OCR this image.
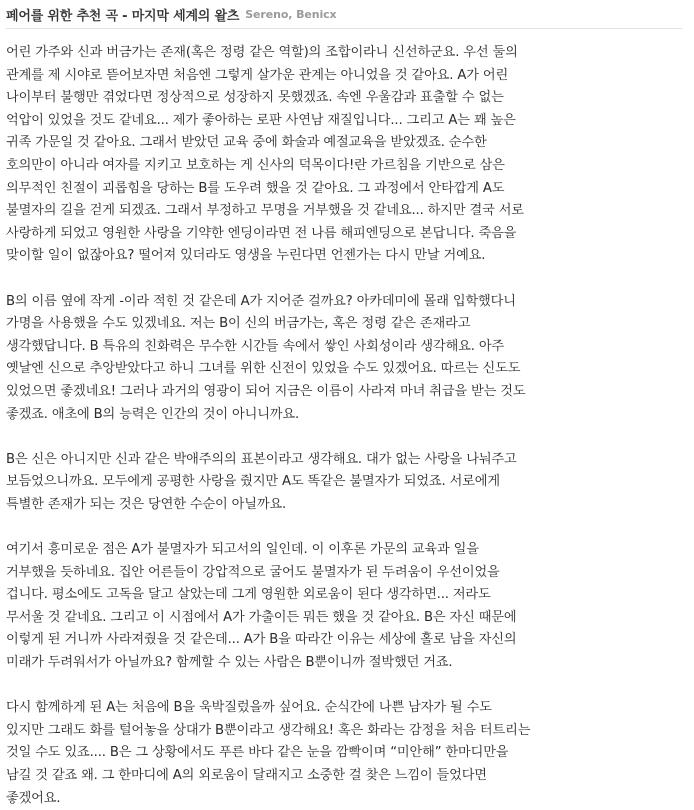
페어를 위한 추천 곡 - 마지막 세계의 왈츠 Sereno, Benicx
어린 가주와 신과 버금가는 존재(혹은 정령 같은 역할)의 조합이라니 신선하군요. 우선 둘의
관계를 제 시야로 뜯어보자면 처음엔 그렇게 살가운 관계는 아니었을 것 같아요. A가 어린
나이부터 불행만 겪었다면 정상적으로 성장하지 못했겠죠. 속엔 우울감과 표출할 수 없는
억압이 있었을 것도 같네요... 제가 좋아하는 로판 사연남 재질입니다... 그리고 A는 꽤 높은
귀족 가문일 것 같아요. 그래서 받았던 교육 중에 화술과 예절교육을 받았겠죠. 순수한
호의만이 아니라 여자를 지키고 보호하는 게 신사의 덕목이다!란 가르침을 기반으로 삼은
의무적인 친절이 괴롭힘을 당하는 B를 도우려 했을 것 같아요. 그 과정에서 안타깝게 A도
불멸자의 길을 걷게 되겠죠. 그래서 부정하고 무명을 거부했을 것 같네요... 하지만 결국 서로
사랑하게 되었고 영원한 사랑을 기약한 엔딩이라면 전 나름 해피엔딩으로 본답니다. 죽음을
맞이할 일이 없잖아요? 떨어져 있더라도 영생을 누린다면 언젠가는 다시 만날 거예요.
B의 이름 옆에 작게 -이라 적힌 것 같은데 A가 지어준 걸까요? 아카데미에 몰래 입학했다니
가명을 사용했을 수도 있겠네요. 저는 B이 신의 버금가는, 혹은 정령 같은 존재라고
생각했답니다. B 특유의 친화력은 무수한 시간들 속에서 쌓인 사회성이라 생각해요. 아주
옛날엔 신으로 추앙받았다고 하니 그녀를 위한 신전이 있었을 수도 있겠어요. 따르는 신도도
있었으면 좋겠네요! 그러나 과거의 영광이 되어 지금은 이름이 사라져 마녀 취급을 받는 것도
좋겠죠. 애초에 B의 능력은 인간의 것이 아니니까요.
B은 신은 아니지만 신과 같은 박애주의의 표본이라고 생각해요. 대가 없는 사랑을 나눠주고
보듬었으니까요. 모두에게 공평한 사랑을 줬지만 A도 똑같은 불멸자가 되었죠. 서로에게
특별한 존재가 되는 것은 당연한 수순이 아닐까요.
여기서 흥미로운 점은 A가 불멸자가 되고서의 일인데. 이 이후론 가문의 교육과 일을
거부했을 듯하네요. 집안 어른들이 강압적으로 굴어도 불멸자가 된 두려움이 우선이었을
겁니다. 평소에도 고독을 달고 살았는데 그게 영원한 외로움이 된다 생각하면... 저라도
무서울 것 같네요. 그리고 이 시점에서 A가 가출이든 뭐든 했을 것 같아요. B은 자신 때문에
이렇게 된 거니까 사라져줬을 것 같은데... A가 B을 따라간 이유는 세상에 홀로 남을 자신의
미래가 두려워서가 아닐까요? 함께할 수 있는 사람은 B뿐이니까 절박했던 거죠.
다시 함께하게 된 A는 처음에 B을 욱박질렀을까 싶어요. 순식간에 나쁜 남자가 될 수도
있지만 그래도 화를 털어놓을 상대가 B뿐이라고 생각해요! 혹은 화라는 감정을 처음 터트리는
것일 수도 있죠.... B은 그 상황에서도 푸른 바다 같은 눈을 깜빡이며 “미안해” 한마디만을
남길 것 같죠 왜. 그 한마디에 A의 외로움이 달래지고 소중한 걸 찾은 느낌이 들었다면
좋겠어요.
